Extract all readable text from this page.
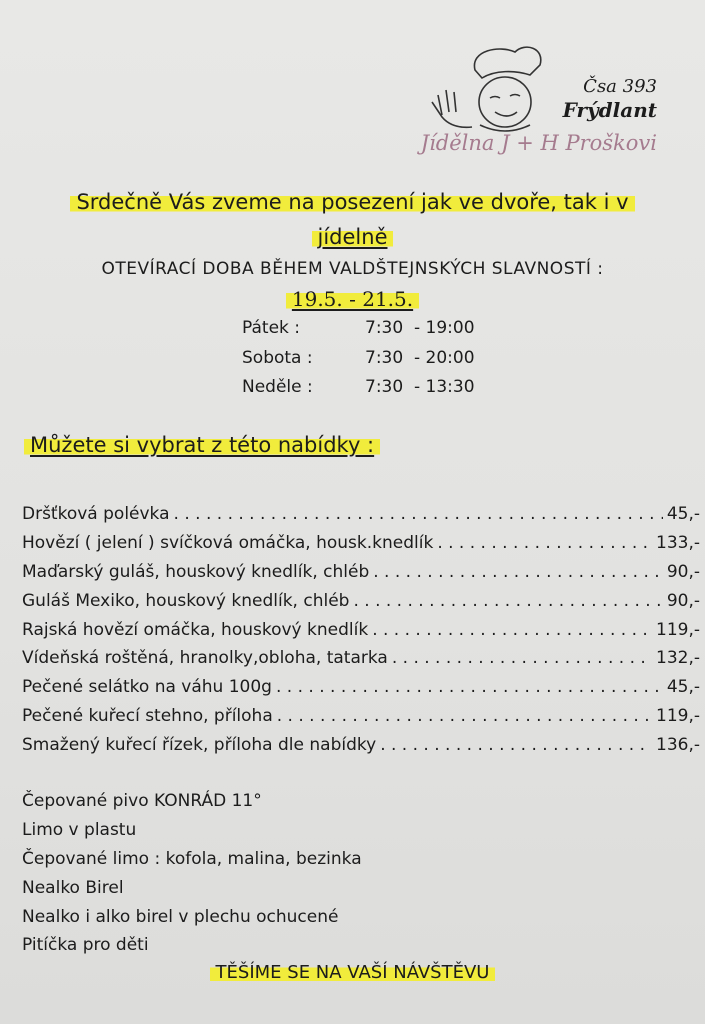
Čsa 393
Frýdlant
Jídělna J + H Proškovi
Srdečně Vás zveme na posezení jak ve dvoře, tak i v
jídelně
OTEVÍRACÍ DOBA BĚHEM VALDŠTEJNSKÝCH SLAVNOSTÍ :
19.5. - 21.5.
Pátek :	7:30  - 19:00
Sobota :	7:30  - 20:00
Neděle :	7:30  - 13:30
Můžete si vybrat z této nabídky :
Dršťková polévka . . .	45,-
Hovězí ( jelení ) svíčková omáčka, housk.knedlík . . .	133,-
Maďarský guláš, houskový knedlík, chléb . . .	90,-
Guláš Mexiko, houskový knedlík, chléb . . .	90,-
Rajská hovězí omáčka, houskový knedlík . . .	119,-
Vídeňská roštěná, hranolky,obloha, tatarka . . .	132,-
Pečené selátko na váhu 100g . . .	45,-
Pečené kuřecí stehno, příloha . . .	119,-
Smažený kuřecí řízek, příloha dle nabídky . . .	136,-
Čepované pivo KONRÁD 11°
Limo v plastu
Čepované limo : kofola, malina, bezinka
Nealko Birel
Nealko i alko birel v plechu ochucené
Pitíčka pro děti
TĚŠÍME SE NA VAŠÍ NÁVŠTĚVU
